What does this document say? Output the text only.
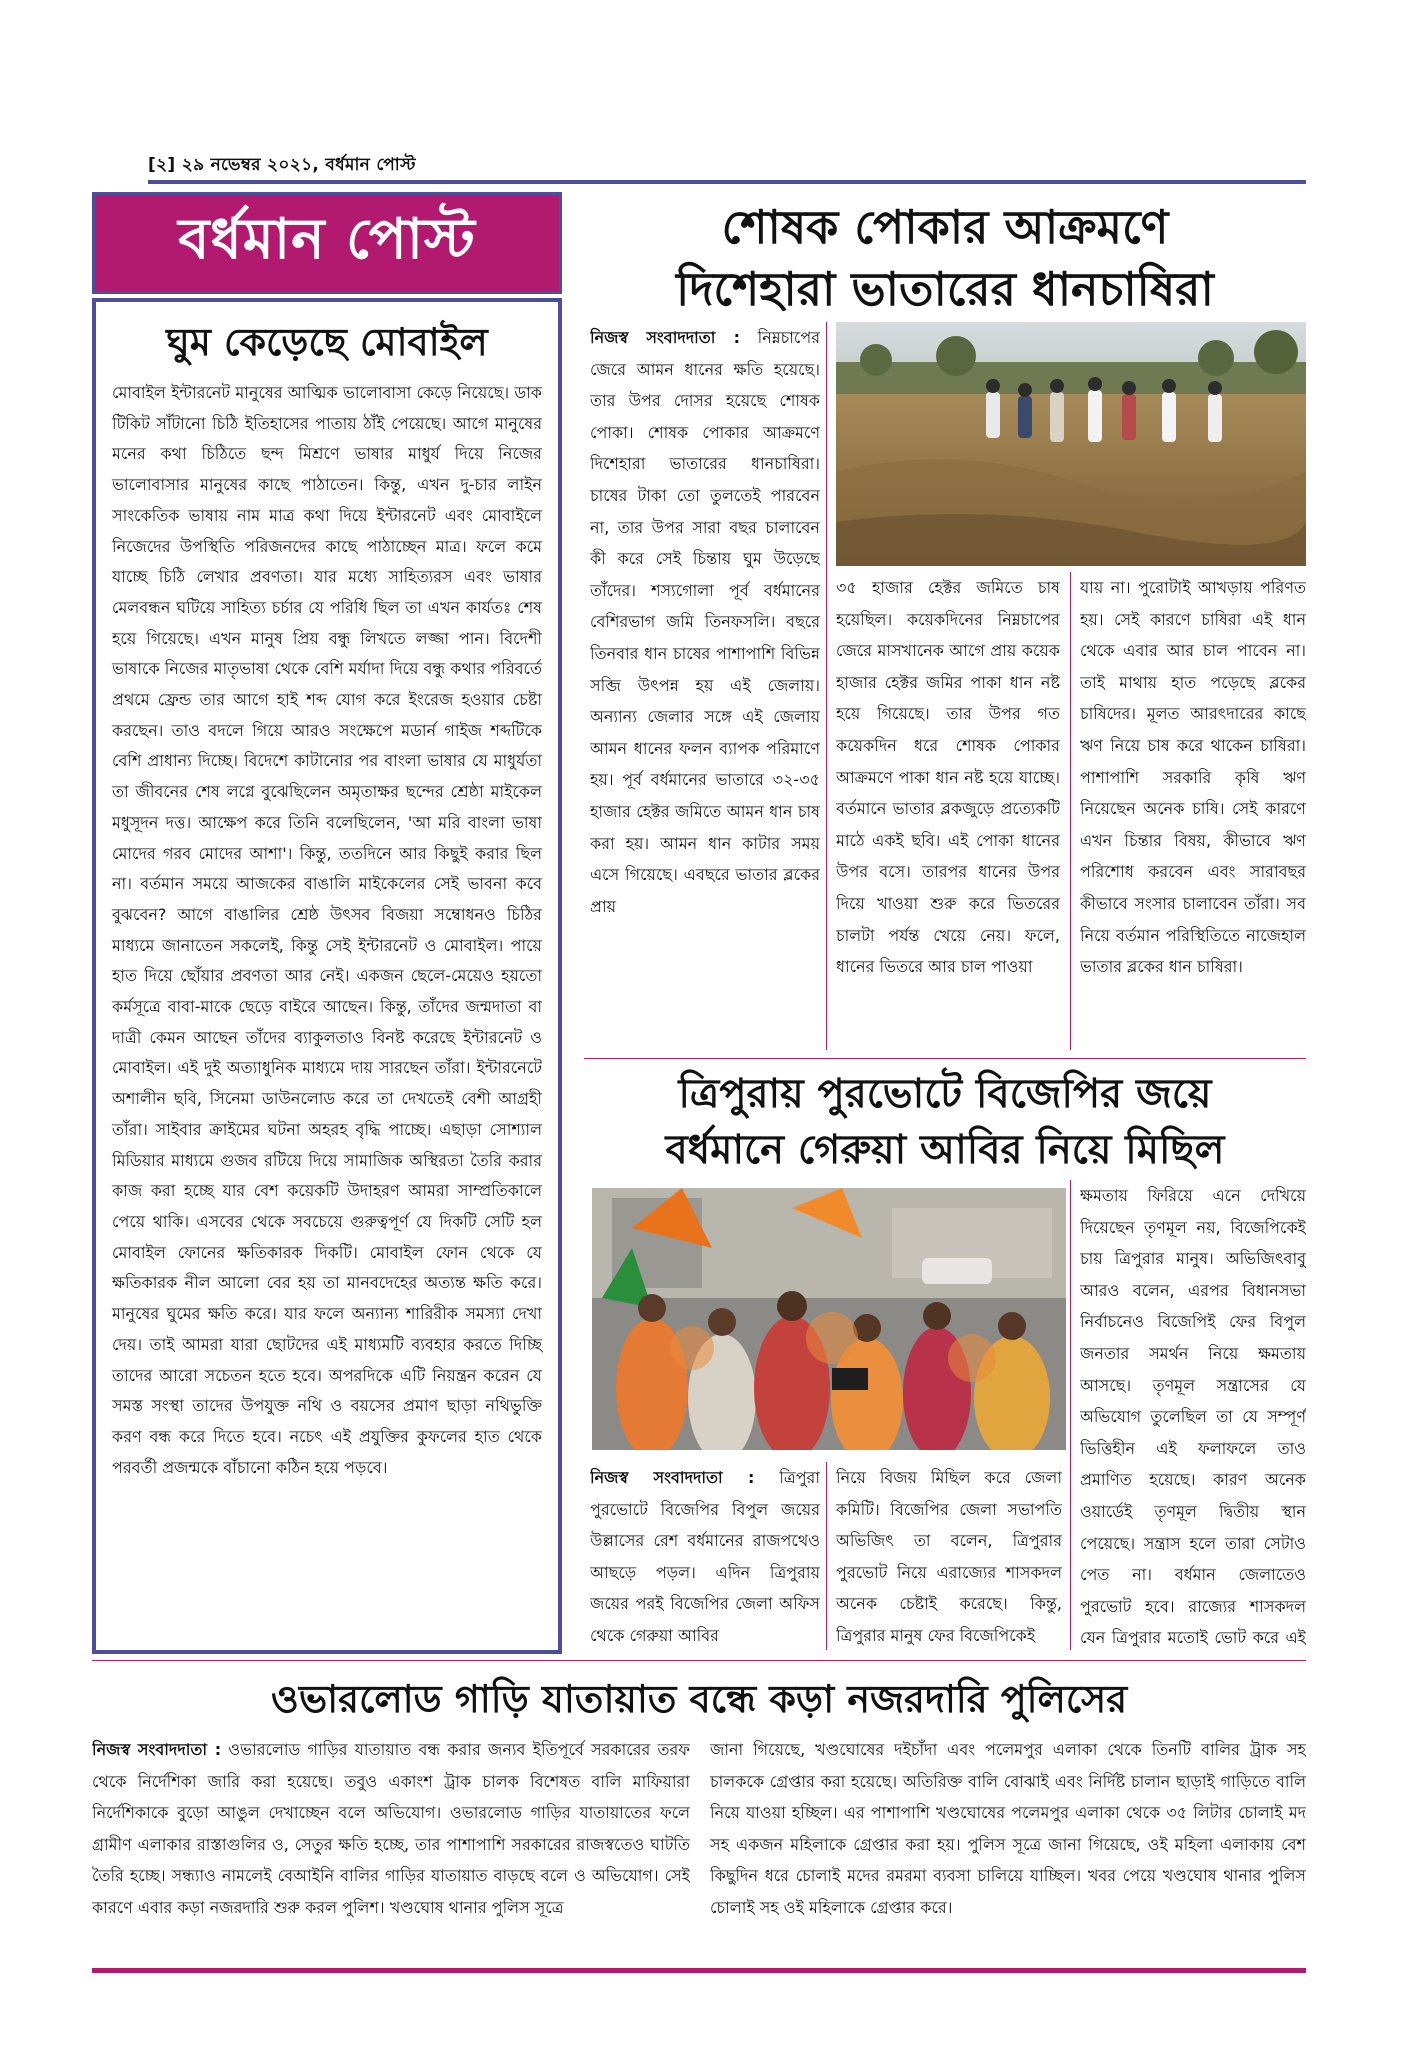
[২] ২৯ নভেম্বর ২০২১, বর্ধমান পোস্ট
বর্ধমান পোস্ট
ঘুম কেড়েছে মোবাইল

মোবাইল ইন্টারনেট মানুষের আত্মিক ভালোবাসা কেড়ে নিয়েছে। ডাক টিকিট সাঁটানো চিঠি ইতিহাসের পাতায় ঠাঁই পেয়েছে। আগে মানুষের মনের কথা চিঠিতে ছন্দ মিশ্রণে ভাষার মাধুর্য দিয়ে নিজের ভালোবাসার মানুষের কাছে পাঠাতেন। কিন্তু, এখন দু-চার লাইন সাংকেতিক ভাষায় নাম মাত্র কথা দিয়ে ইন্টারনেট এবং মোবাইলে নিজেদের উপস্থিতি পরিজনদের কাছে পাঠাচ্ছেন মাত্র। ফলে কমে যাচ্ছে চিঠি লেখার প্রবণতা। যার মধ্যে সাহিত্যরস এবং ভাষার মেলবন্ধন ঘটিয়ে সাহিত্য চর্চার যে পরিধি ছিল তা এখন কার্যতঃ শেষ হয়ে গিয়েছে। এখন মানুষ প্রিয় বন্ধু লিখতে লজ্জা পান। বিদেশী ভাষাকে নিজের মাতৃভাষা থেকে বেশি মর্যাদা দিয়ে বন্ধু কথার পরিবর্তে প্রথমে ফ্রেন্ড তার আগে হাই শব্দ যোগ করে ইংরেজ হওয়ার চেষ্টা করছেন। তাও বদলে গিয়ে আরও সংক্ষেপে মডার্ন গাইজ শব্দটিকে বেশি প্রাধান্য দিচ্ছে। বিদেশে কাটানোর পর বাংলা ভাষার যে মাধুর্যতা তা জীবনের শেষ লগ্নে বুঝেছিলেন অমৃতাক্ষর ছন্দের শ্রেষ্ঠা মাইকেল মধুসূদন দত্ত। আক্ষেপ করে তিনি বলেছিলেন, 'আ মরি বাংলা ভাষা মোদের গরব মোদের আশা'। কিন্তু, ততদিনে আর কিছুই করার ছিল না। বর্তমান সময়ে আজকের বাঙালি মাইকেলের সেই ভাবনা কবে বুঝবেন? আগে বাঙালির শ্রেষ্ঠ উৎসব বিজয়া সম্বোধনও চিঠির মাধ্যমে জানাতেন সকলেই, কিন্তু সেই ইন্টারনেট ও মোবাইল। পায়ে হাত দিয়ে ছোঁয়ার প্রবণতা আর নেই। একজন ছেলে-মেয়েও হয়তো কর্মসূত্রে বাবা-মাকে ছেড়ে বাইরে আছেন। কিন্তু, তাঁদের জন্মদাতা বা দাত্রী কেমন আছেন তাঁদের ব্যাকুলতাও বিনষ্ট করেছে ইন্টারনেট ও মোবাইল। এই দুই অত্যাধুনিক মাধ্যমে দায় সারছেন তাঁরা। ইন্টারনেটে অশালীন ছবি, সিনেমা ডাউনলোড করে তা দেখতেই বেশী আগ্রহী তাঁরা। সাইবার ক্রাইমের ঘটনা অহরহ বৃদ্ধি পাচ্ছে। এছাড়া সোশ্যাল মিডিয়ার মাধ্যমে গুজব রটিয়ে দিয়ে সামাজিক অস্থিরতা তৈরি করার কাজ করা হচ্ছে যার বেশ কয়েকটি উদাহরণ আমরা সাম্প্রতিকালে পেয়ে থাকি। এসবের থেকে সবচেয়ে গুরুত্বপূর্ণ যে দিকটি সেটি হল মোবাইল ফোনের ক্ষতিকারক দিকটি। মোবাইল ফোন থেকে যে ক্ষতিকারক নীল আলো বের হয় তা মানবদেহের অত্যন্ত ক্ষতি করে। মানুষের ঘুমের ক্ষতি করে। যার ফলে অন্যান্য শারিরীক সমস্যা দেখা দেয়। তাই আমরা যারা ছোটদের এই মাধ্যমটি ব্যবহার করতে দিচ্ছি তাদের আরো সচেতন হতে হবে। অপরদিকে এটি নিয়ন্ত্রন করেন যে সমস্ত সংস্থা তাদের উপযুক্ত নথি ও বয়সের প্রমাণ ছাড়া নথিভুক্তি করণ বন্ধ করে দিতে হবে। নচেৎ এই প্রযুক্তির কুফলের হাত থেকে পরবর্তী প্রজন্মকে বাঁচানো কঠিন হয়ে পড়বে।

শোষক পোকার আক্রমণে
দিশেহারা ভাতারের ধানচাষিরা
নিজস্ব সংবাদদাতা : নিম্নচাপের জেরে আমন ধানের ক্ষতি হয়েছে। তার উপর দোসর হয়েছে শোষক পোকা। শোষক পোকার আক্রমণে দিশেহারা ভাতারের ধানচাষিরা। চাষের টাকা তো তুলতেই পারবেন না, তার উপর সারা বছর চালাবেন কী করে সেই চিন্তায় ঘুম উড়েছে তাঁদের। শস্যগোলা পূর্ব বর্ধমানের বেশিরভাগ জমি তিনফসলি। বছরে তিনবার ধান চাষের পাশাপাশি বিভিন্ন সব্জি উৎপন্ন হয় এই জেলায়। অন্যান্য জেলার সঙ্গে এই জেলায় আমন ধানের ফলন ব্যাপক পরিমাণে হয়। পূর্ব বর্ধমানের ভাতারে ৩২-৩৫ হাজার হেক্টর জমিতে আমন ধান চাষ করা হয়। আমন ধান কাটার সময় এসে গিয়েছে। এবছরে ভাতার ব্লকের প্রায়
৩৫ হাজার হেক্টর জমিতে চাষ হয়েছিল। কয়েকদিনের নিম্নচাপের জেরে মাসখানেক আগে প্রায় কয়েক হাজার হেক্টর জমির পাকা ধান নষ্ট হয়ে গিয়েছে। তার উপর গত কয়েকদিন ধরে শোষক পোকার আক্রমণে পাকা ধান নষ্ট হয়ে যাচ্ছে। বর্তমানে ভাতার ব্লকজুড়ে প্রত্যেকটি মাঠে একই ছবি। এই পোকা ধানের উপর বসে। তারপর ধানের উপর দিয়ে খাওয়া শুরু করে ভিতরের চালটা পর্যন্ত খেয়ে নেয়। ফলে, ধানের ভিতরে আর চাল পাওয়া
যায় না। পুরোটাই আখড়ায় পরিণত হয়। সেই কারণে চাষিরা এই ধান থেকে এবার আর চাল পাবেন না। তাই মাথায় হাত পড়েছে ব্লকের চাষিদের। মূলত আরৎদারের কাছে ঋণ নিয়ে চাষ করে থাকেন চাষিরা। পাশাপাশি সরকারি কৃষি ঋণ নিয়েছেন অনেক চাষি। সেই কারণে এখন চিন্তার বিষয়, কীভাবে ঋণ পরিশোধ করবেন এবং সারাবছর কীভাবে সংসার চালাবেন তাঁরা। সব নিয়ে বর্তমান পরিস্থিতিতে নাজেহাল ভাতার ব্লকের ধান চাষিরা।
ত্রিপুরায় পুরভোটে বিজেপির জয়ে
বর্ধমানে গেরুয়া আবির নিয়ে মিছিল
ক্ষমতায় ফিরিয়ে এনে দেখিয়ে দিয়েছেন তৃণমূল নয়, বিজেপিকেই চায় ত্রিপুরার মানুষ। অভিজিৎবাবু আরও বলেন, এরপর বিধানসভা নির্বাচনেও বিজেপিই ফের বিপুল জনতার সমর্থন নিয়ে ক্ষমতায় আসছে। তৃণমূল সন্ত্রাসের যে অভিযোগ তুলেছিল তা যে সম্পূর্ণ ভিত্তিহীন এই ফলাফলে তাও প্রমাণিত হয়েছে। কারণ অনেক ওয়ার্ডেই তৃণমূল দ্বিতীয় স্থান পেয়েছে। সন্ত্রাস হলে তারা সেটাও পেত না। বর্ধমান জেলাতেও পুরভোট হবে। রাজ্যের শাসকদল যেন ত্রিপুরার মতোই ভোট করে এই
নিজস্ব সংবাদদাতা : ত্রিপুরা পুরভোটে বিজেপির বিপুল জয়ের উল্লাসের রেশ বর্ধমানের রাজপথেও আছড়ে পড়ল। এদিন ত্রিপুরায় জয়ের পরই বিজেপির জেলা অফিস থেকে গেরুয়া আবির
নিয়ে বিজয় মিছিল করে জেলা কমিটি। বিজেপির জেলা সভাপতি অভিজিৎ তা বলেন, ত্রিপুরার পুরভোট নিয়ে এরাজ্যের শাসকদল অনেক চেষ্টাই করেছে। কিন্তু, ত্রিপুরার মানুষ ফের বিজেপিকেই
ওভারলোড গাড়ি যাতায়াত বন্ধে কড়া নজরদারি পুলিসের
নিজস্ব সংবাদদাতা : ওভারলোড গাড়ির যাতায়াত বন্ধ করার জন্যব ইতিপূর্বে সরকারের তরফ থেকে নির্দেশিকা জারি করা হয়েছে। তবুও একাংশ ট্রাক চালক বিশেষত বালি মাফিয়ারা নির্দেশিকাকে বুড়ো আঙুল দেখাচ্ছেন বলে অভিযোগ। ওভারলোড গাড়ির যাতায়াতের ফলে গ্রামীণ এলাকার রাস্তাগুলির ও, সেতুর ক্ষতি হচ্ছে, তার পাশাপাশি সরকারের রাজস্বতেও ঘাটতি তৈরি হচ্ছে। সন্ধ্যাও নামলেই বেআইনি বালির গাড়ির যাতায়াত বাড়ছে বলে ও অভিযোগ। সেই কারণে এবার কড়া নজরদারি শুরু করল পুলিশ। খণ্ডঘোষ থানার পুলিস সূত্রে
জানা গিয়েছে, খণ্ডঘোষের দইচাঁদা এবং পলেমপুর এলাকা থেকে তিনটি বালির ট্রাক সহ চালককে গ্রেপ্তার করা হয়েছে। অতিরিক্ত বালি বোঝাই এবং নির্দিষ্ট চালান ছাড়াই গাড়িতে বালি নিয়ে যাওয়া হচ্ছিল। এর পাশাপাশি খণ্ডঘোষের পলেমপুর এলাকা থেকে ৩৫ লিটার চোলাই মদ সহ একজন মহিলাকে গ্রেপ্তার করা হয়। পুলিস সূত্রে জানা গিয়েছে, ওই মহিলা এলাকায় বেশ কিছুদিন ধরে চোলাই মদের রমরমা ব্যবসা চালিয়ে যাচ্ছিল। খবর পেয়ে খণ্ডঘোষ থানার পুলিস চোলাই সহ ওই মহিলাকে গ্রেপ্তার করে।
